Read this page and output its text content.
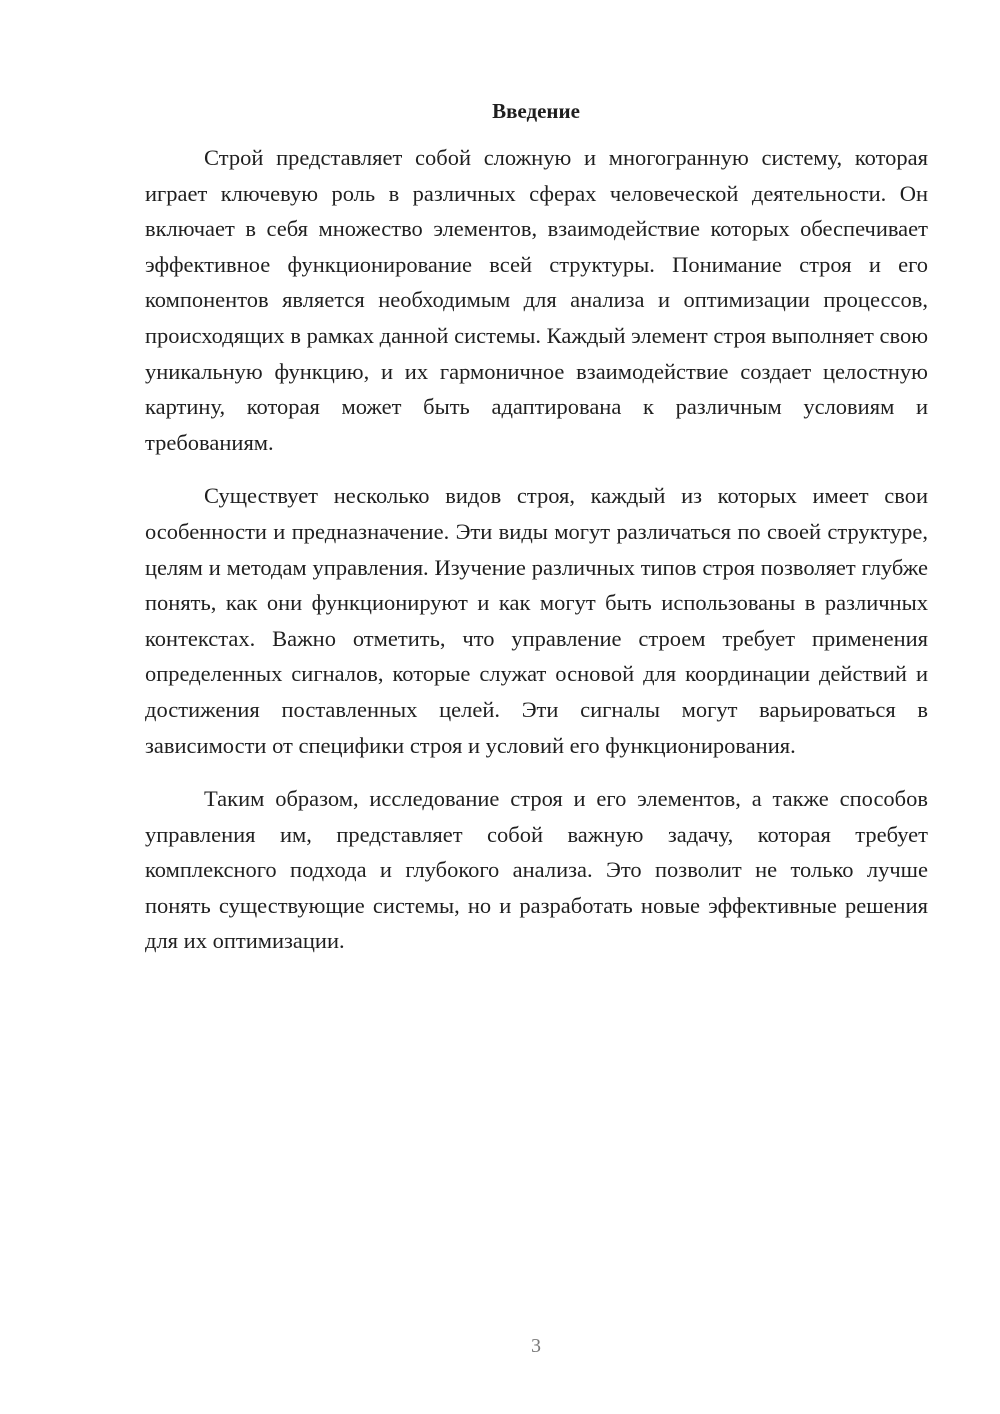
Введение

Строй представляет собой сложную и многогранную систему, которая играет ключевую роль в различных сферах человеческой деятельности. Он включает в себя множество элементов, взаимодействие которых обеспечивает эффективное функционирование всей структуры. Понимание строя и его компонентов является необходимым для анализа и оптимизации процессов, происходящих в рамках данной системы. Каждый элемент строя выполняет свою уникальную функцию, и их гармоничное взаимодействие создает целостную картину, которая может быть адаптирована к различным условиям и требованиям.

Существует несколько видов строя, каждый из которых имеет свои особенности и предназначение. Эти виды могут различаться по своей структуре, целям и методам управления. Изучение различных типов строя позволяет глубже понять, как они функционируют и как могут быть использованы в различных контекстах. Важно отметить, что управление строем требует применения определенных сигналов, которые служат основой для координации действий и достижения поставленных целей. Эти сигналы могут варьироваться в зависимости от специфики строя и условий его функционирования.

Таким образом, исследование строя и его элементов, а также способов управления им, представляет собой важную задачу, которая требует комплексного подхода и глубокого анализа. Это позволит не только лучше понять существующие системы, но и разработать новые эффективные решения для их оптимизации.

3
